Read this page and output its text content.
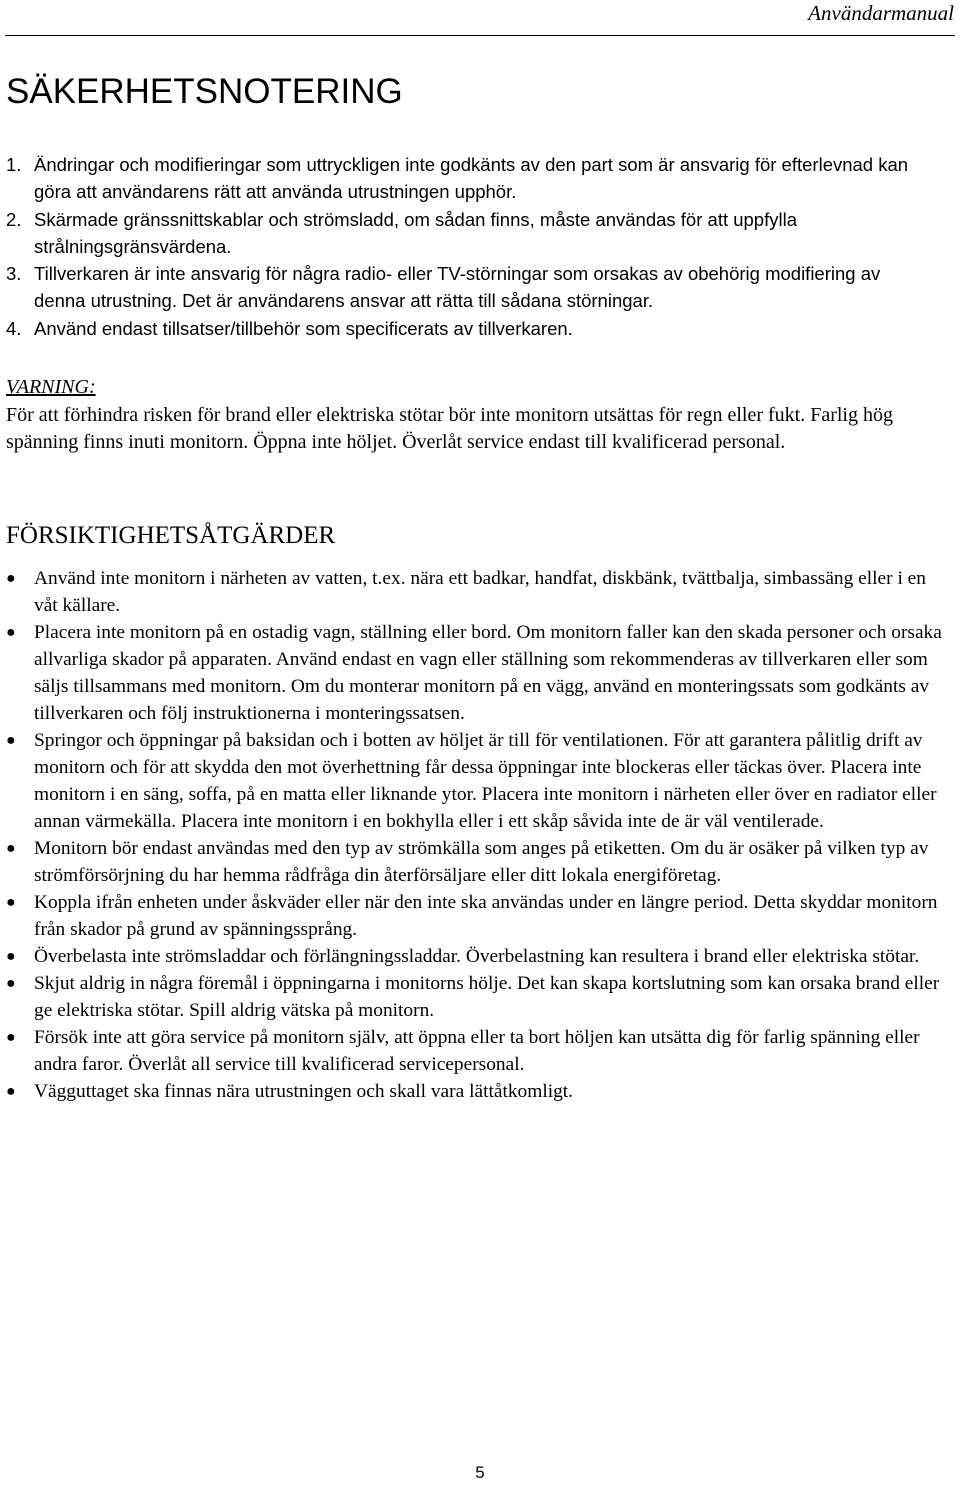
Användarmanual
SÄKERHETSNOTERING
1. Ändringar och modifieringar som uttryckligen inte godkänts av den part som är ansvarig för efterlevnad kan göra att användarens rätt att använda utrustningen upphör.
2. Skärmade gränssnittskablar och strömsladd, om sådan finns, måste användas för att uppfylla strålningsgränsvärdena.
3. Tillverkaren är inte ansvarig för några radio- eller TV-störningar som orsakas av obehörig modifiering av denna utrustning. Det är användarens ansvar att rätta till sådana störningar.
4. Använd endast tillsatser/tillbehör som specificerats av tillverkaren.
VARNING:
För att förhindra risken för brand eller elektriska stötar bör inte monitorn utsättas för regn eller fukt. Farlig hög spänning finns inuti monitorn. Öppna inte höljet. Överlåt service endast till kvalificerad personal.
FÖRSIKTIGHETSÅTGÄRDER
● Använd inte monitorn i närheten av vatten, t.ex. nära ett badkar, handfat, diskbänk, tvättbalja, simbassäng eller i en våt källare.
● Placera inte monitorn på en ostadig vagn, ställning eller bord. Om monitorn faller kan den skada personer och orsaka allvarliga skador på apparaten. Använd endast en vagn eller ställning som rekommenderas av tillverkaren eller som säljs tillsammans med monitorn. Om du monterar monitorn på en vägg, använd en monteringssats som godkänts av tillverkaren och följ instruktionerna i monteringssatsen.
● Springor och öppningar på baksidan och i botten av höljet är till för ventilationen. För att garantera pålitlig drift av monitorn och för att skydda den mot överhettning får dessa öppningar inte blockeras eller täckas över. Placera inte monitorn i en säng, soffa, på en matta eller liknande ytor. Placera inte monitorn i närheten eller över en radiator eller annan värmekälla. Placera inte monitorn i en bokhylla eller i ett skåp såvida inte de är väl ventilerade.
● Monitorn bör endast användas med den typ av strömkälla som anges på etiketten. Om du är osäker på vilken typ av strömförsörjning du har hemma rådfråga din återförsäljare eller ditt lokala energiföretag.
● Koppla ifrån enheten under åskväder eller när den inte ska användas under en längre period. Detta skyddar monitorn från skador på grund av spänningssprång.
● Överbelasta inte strömsladdar och förlängningssladdar. Överbelastning kan resultera i brand eller elektriska stötar.
● Skjut aldrig in några föremål i öppningarna i monitorns hölje. Det kan skapa kortslutning som kan orsaka brand eller ge elektriska stötar. Spill aldrig vätska på monitorn.
● Försök inte att göra service på monitorn själv, att öppna eller ta bort höljen kan utsätta dig för farlig spänning eller andra faror. Överlåt all service till kvalificerad servicepersonal.
● Vägguttaget ska finnas nära utrustningen och skall vara lättåtkomligt.
5
